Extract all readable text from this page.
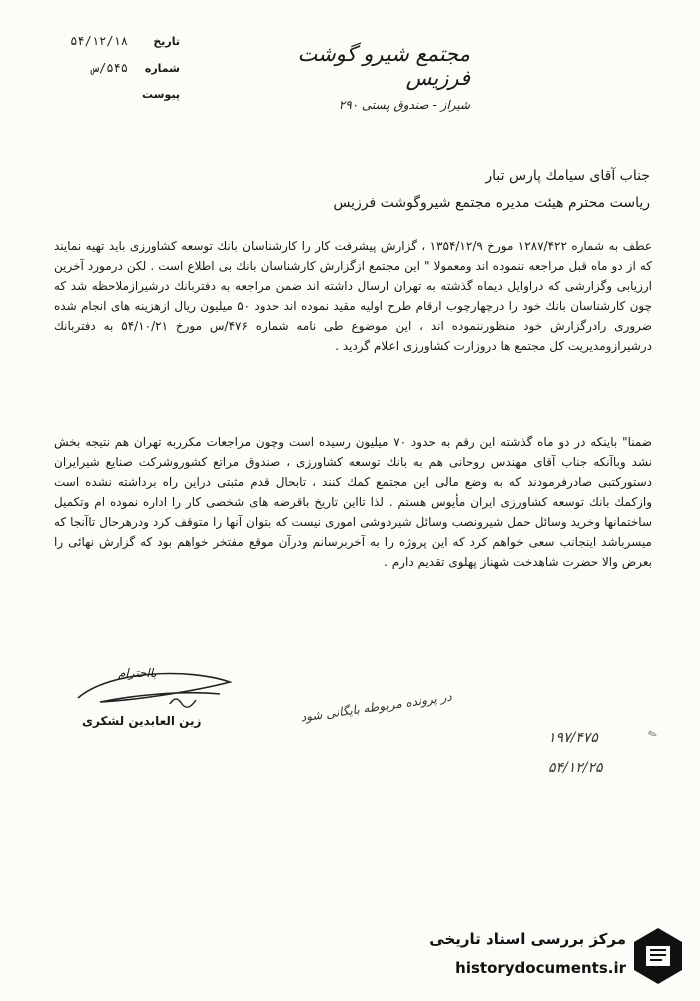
مجتمع شیرو گوشت فرزیس
شیراز - صندوق پستی ۲۹۰
تاریخ
۵۴/۱۲/۱۸
شماره
۵۴۵/س
پیوست
جناب آقای سیامك پارس تبار
ریاست محترم هیئت مدیره مجتمع شیروگوشت فرزیس
عطف به شماره ۱۲۸۷/۴۲۲ مورخ ۱۳۵۴/۱۲/۹ ، گزارش پیشرفت کار را کارشناسان بانك توسعه کشاورزی باید تهیه نمایند که از دو ماه قبل مراجعه ننموده اند ومعمولا " این مجتمع ازگزارش کارشناسان بانك بی اطلاع است . لکن درمورد آخرین ارزیابی وگزارشی که دراوایل دیماه گذشته به تهران ارسال داشته اند ضمن مراجعه به دفتربانك درشیرازملاحظه شد که چون کارشناسان بانك خود را درچهارچوب ارقام طرح اولیه مقید نموده اند حدود ۵۰ میلیون ریال ازهزینه های انجام شده ضروری رادرگزارش خود منظورننموده اند ، این موضوع طی نامه شماره ۴۷۶/س مورخ ۵۴/۱۰/۲۱ به دفتربانك درشیرازومدیریت کل مجتمع ها دروزارت کشاورزی اعلام گردید .
ضمنا" باینکه در دو ماه گذشته این رقم به حدود ۷۰ میلیون رسیده است وچون مراجعات مکرربه تهران هم نتیجه بخش نشد وباآنکه جناب آقای مهندس روحانی هم به بانك توسعه کشاورزی ، صندوق مراتع کشوروشرکت صنایع شیرایران دستورکتبی صادرفرمودند که به وضع مالی این مجتمع کمك کنند ، تابحال قدم مثبتی دراین راه برداشته نشده است وازکمك بانك توسعه کشاورزی ایران مأیوس هستم . لذا تااین تاریخ باقرضه های شخصی کار را اداره نموده ام وتکمیل ساختمانها وخرید وسائل حمل شیرونصب وسائل شیردوشی اموری نیست که بتوان آنها را متوقف کرد ودرهرحال تاآنجا که میسرباشد اینجانب سعی خواهم کرد که این پروژه را به آخربرسانم ودرآن موقع مفتخر خواهم بود که گزارش نهائی را بعرض والا حضرت شاهدخت شهناز پهلوی تقدیم دارم .
بااحترام
زین العابدین لشکری	در پرونده مربوطه بایگانی شود
۱۹۷/۴۷۵
۵۴/۱۲/۲۵
✎
مرکز بررسی اسناد تاریخی
historydocuments.ir
